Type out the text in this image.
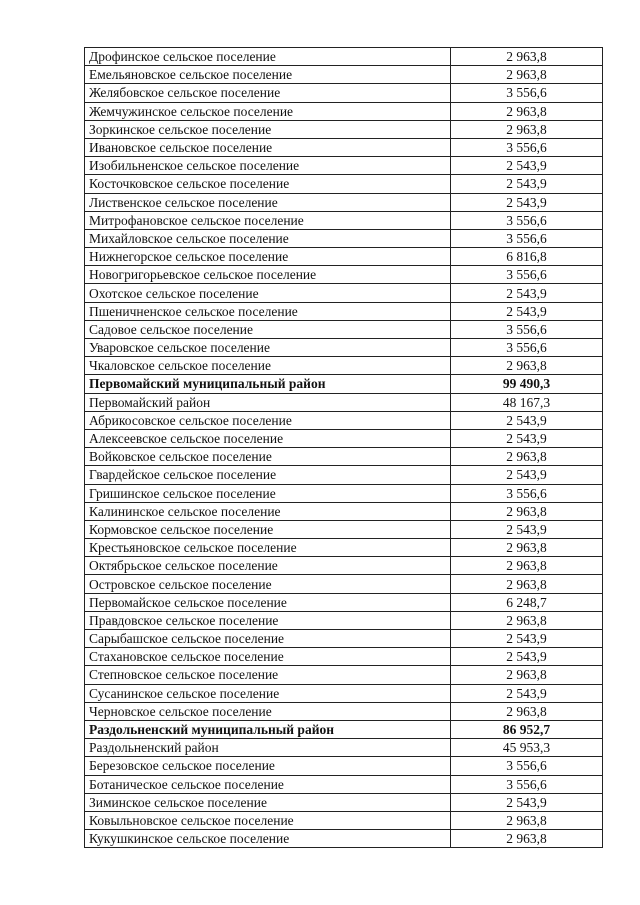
Дрофинское сельское поселение	2 963,8
Емельяновское сельское поселение	2 963,8
Желябовское сельское поселение	3 556,6
Жемчужинское сельское поселение	2 963,8
Зоркинское сельское поселение	2 963,8
Ивановское сельское поселение	3 556,6
Изобильненское сельское поселение	2 543,9
Косточковское сельское поселение	2 543,9
Лиственское сельское поселение	2 543,9
Митрофановское сельское поселение	3 556,6
Михайловское сельское поселение	3 556,6
Нижнегорское сельское поселение	6 816,8
Новогригорьевское сельское поселение	3 556,6
Охотское сельское поселение	2 543,9
Пшеничненское сельское поселение	2 543,9
Садовое сельское поселение	3 556,6
Уваровское сельское поселение	3 556,6
Чкаловское сельское поселение	2 963,8
Первомайский муниципальный район	99 490,3
Первомайский район	48 167,3
Абрикосовское сельское поселение	2 543,9
Алексеевское сельское поселение	2 543,9
Войковское сельское поселение	2 963,8
Гвардейское сельское поселение	2 543,9
Гришинское сельское поселение	3 556,6
Калининское сельское поселение	2 963,8
Кормовское сельское поселение	2 543,9
Крестьяновское сельское поселение	2 963,8
Октябрьское сельское поселение	2 963,8
Островское сельское поселение	2 963,8
Первомайское сельское поселение	6 248,7
Правдовское сельское поселение	2 963,8
Сарыбашское сельское поселение	2 543,9
Стахановское сельское поселение	2 543,9
Степновское сельское поселение	2 963,8
Сусанинское сельское поселение	2 543,9
Черновское сельское поселение	2 963,8
Раздольненский муниципальный район	86 952,7
Раздольненский район	45 953,3
Березовское сельское поселение	3 556,6
Ботаническое сельское поселение	3 556,6
Зиминское сельское поселение	2 543,9
Ковыльновское сельское поселение	2 963,8
Кукушкинское сельское поселение	2 963,8
